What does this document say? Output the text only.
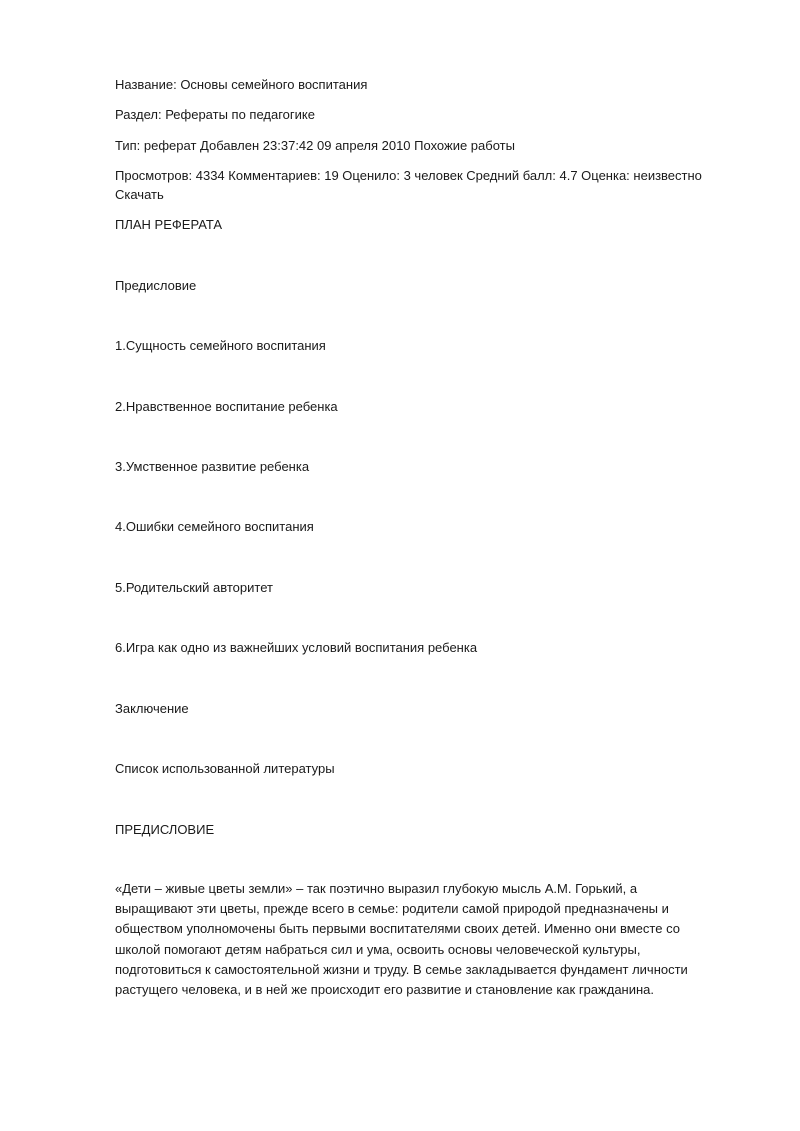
Название: Основы семейного воспитания
Раздел: Рефераты по педагогике
Тип: реферат Добавлен 23:37:42 09 апреля 2010 Похожие работы
Просмотров: 4334 Комментариев: 19 Оценило: 3 человек Средний балл: 4.7 Оценка: неизвестно
Скачать
ПЛАН РЕФЕРАТА
Предисловие
1.Сущность семейного воспитания
2.Нравственное воспитание ребенка
3.Умственное развитие ребенка
4.Ошибки семейного воспитания
5.Родительский авторитет
6.Игра как одно из важнейших условий воспитания ребенка
Заключение
Список использованной литературы
ПРЕДИСЛОВИЕ

«Дети – живые цветы земли» – так поэтично выразил глубокую мысль А.М. Горький, а

выращивают эти цветы, прежде всего в семье: родители самой природой предназначены и

обществом уполномочены быть первыми воспитателями своих детей. Именно они вместе со

школой помогают детям набраться сил и ума, освоить основы человеческой культуры,

подготовиться к самостоятельной жизни и труду. В семье закладывается фундамент личности

растущего человека, и в ней же происходит его развитие и становление как гражданина.
